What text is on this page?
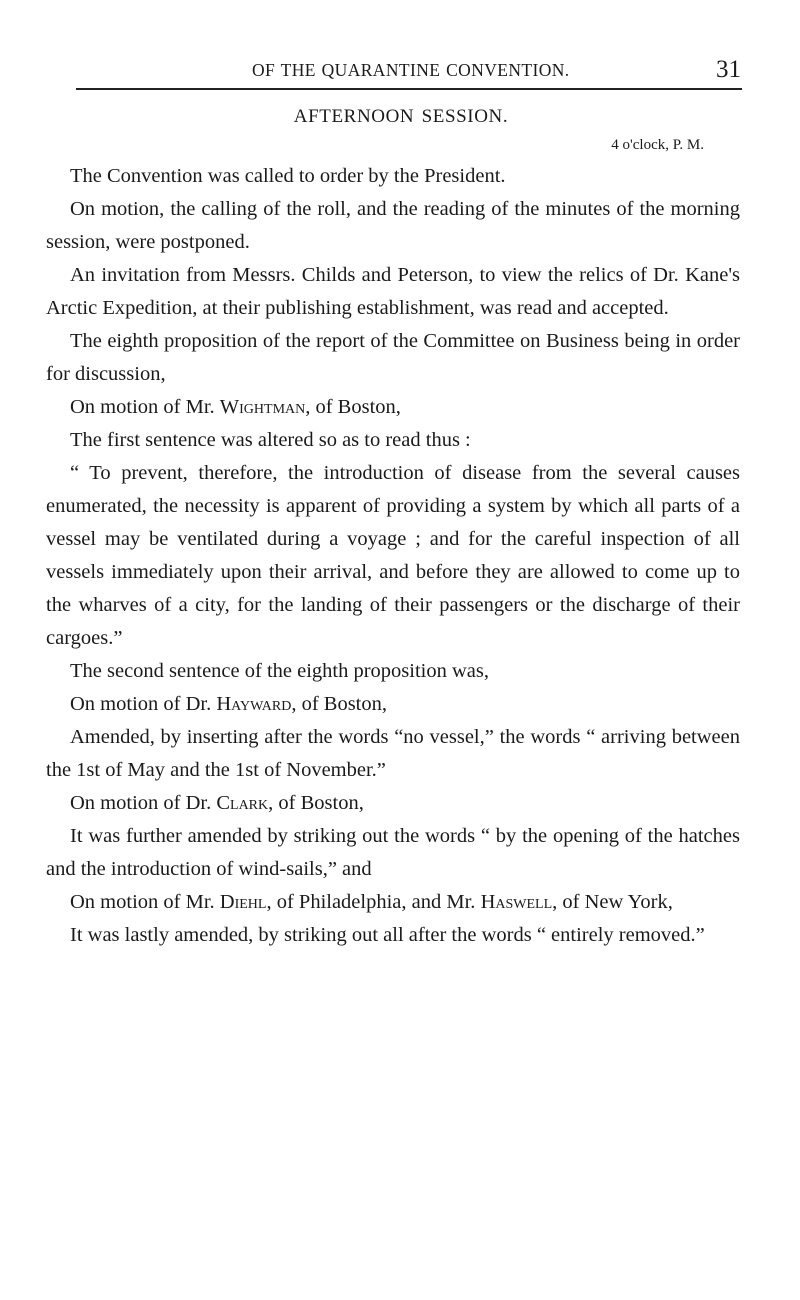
OF THE QUARANTINE CONVENTION.	31
AFTERNOON SESSION.
4 o'clock, P. M.

The Convention was called to order by the President.

On motion, the calling of the roll, and the reading of the minutes of the morning session, were postponed.

An invitation from Messrs. Childs and Peterson, to view the relics of Dr. Kane's Arctic Expedition, at their publishing establishment, was read and accepted.

The eighth proposition of the report of the Committee on Business being in order for discussion,

On motion of Mr. Wightman, of Boston,

The first sentence was altered so as to read thus :

“ To prevent, therefore, the introduction of disease from the several causes enumerated, the necessity is apparent of providing a system by which all parts of a vessel may be ventilated during a voyage ; and for the careful inspection of all vessels immediately upon their arrival, and before they are allowed to come up to the wharves of a city, for the landing of their passengers or the discharge of their cargoes.”

The second sentence of the eighth proposition was,

On motion of Dr. Hayward, of Boston,

Amended, by inserting after the words “no vessel,” the words “ arriving between the 1st of May and the 1st of November.”

On motion of Dr. Clark, of Boston,

It was further amended by striking out the words “ by the opening of the hatches and the introduction of wind-sails,” and

On motion of Mr. Diehl, of Philadelphia, and Mr. Haswell, of New York,

It was lastly amended, by striking out all after the words “ entirely removed.”
